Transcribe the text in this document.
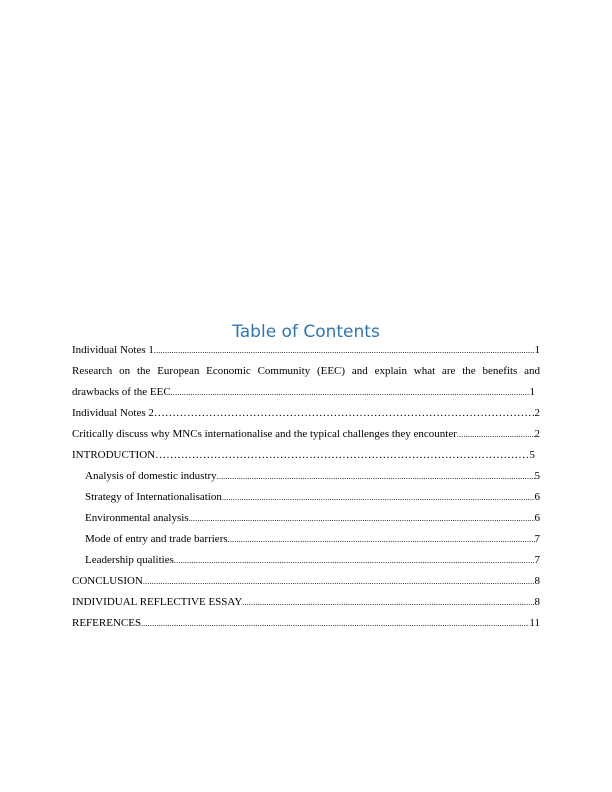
Table of Contents
Individual Notes 1 .....	1
Research on the European Economic Community (EEC) and explain what are the benefits and
drawbacks of the EEC .....	1
Individual Notes 2 ……………………………………………………………………………………………………………	2
Critically discuss why MNCs internationalise and the typical challenges they encounter .....	2
INTRODUCTION ……………………………………………………………………………………………………………	5
Analysis of domestic industry .....	5
Strategy of Internationalisation .....	6
Environmental analysis .....	6
Mode of entry and trade barriers .....	7
Leadership qualities .....	7
CONCLUSION .....	8
INDIVIDUAL REFLECTIVE ESSAY .....	8
REFERENCES .....	11
